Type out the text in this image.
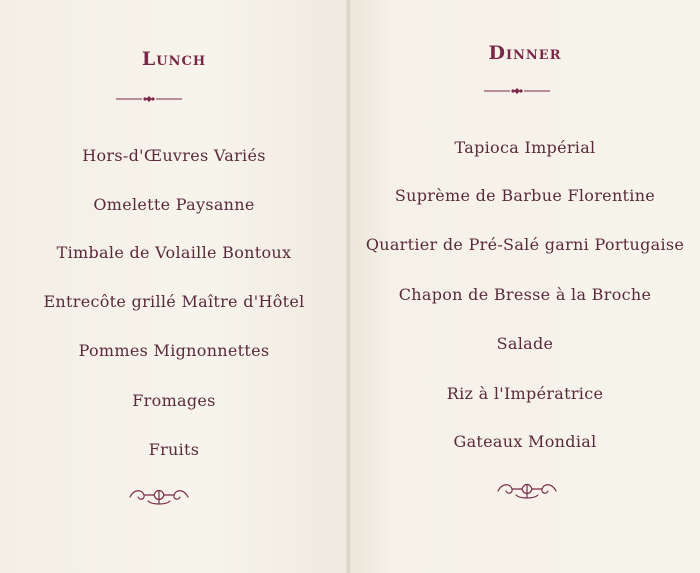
Lunch
Hors-d'Œuvres Variés
Omelette Paysanne
Timbale de Volaille Bontoux
Entrecôte grillé Maître d'Hôtel
Pommes Mignonnettes
Fromages
Fruits
Dinner
Tapioca Impérial
Suprème de Barbue Florentine
Quartier de Pré-Salé garni Portugaise
Chapon de Bresse à la Broche
Salade
Riz à l'Impératrice
Gateaux Mondial
